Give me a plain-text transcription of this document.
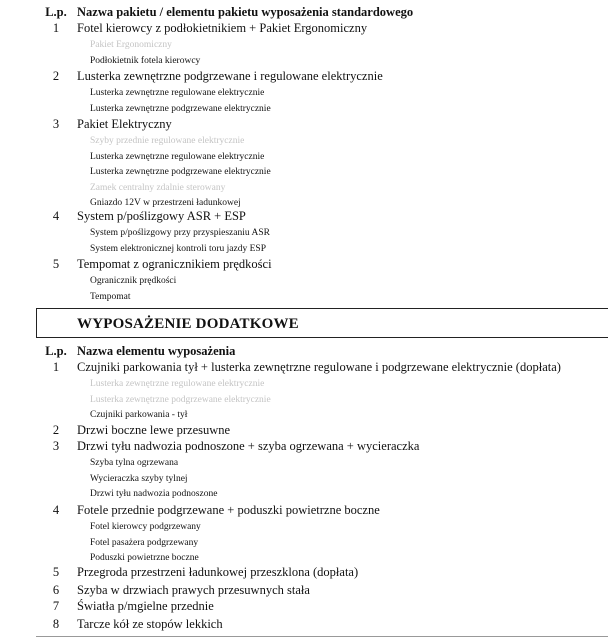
L.p. Nazwa pakietu / elementu pakietu wyposażenia standardowego
1	Fotel kierowcy z podłokietnikiem + Pakiet Ergonomiczny
Pakiet Ergonomiczny
Podłokietnik fotela kierowcy
2	Lusterka zewnętrzne podgrzewane i regulowane elektrycznie
Lusterka zewnętrzne regulowane elektrycznie
Lusterka zewnętrzne podgrzewane elektrycznie
3	Pakiet Elektryczny
Szyby przednie regulowane elektrycznie
Lusterka zewnętrzne regulowane elektrycznie
Lusterka zewnętrzne podgrzewane elektrycznie
Zamek centralny zdalnie sterowany
Gniazdo 12V w przestrzeni ładunkowej
4	System p/poślizgowy ASR + ESP
System p/poślizgowy przy przyspieszaniu ASR
System elektronicznej kontroli toru jazdy ESP
5	Tempomat z ogranicznikiem prędkości
Ogranicznik prędkości
Tempomat
WYPOSAŻENIE DODATKOWE
L.p. Nazwa elementu wyposażenia
1	Czujniki parkowania tył + lusterka zewnętrzne regulowane i podgrzewane elektrycznie (dopłata)
Lusterka zewnętrzne regulowane elektrycznie
Lusterka zewnętrzne podgrzewane elektrycznie
Czujniki parkowania - tył
2	Drzwi boczne lewe przesuwne
3	Drzwi tyłu nadwozia podnoszone + szyba ogrzewana + wycieraczka
Szyba tylna ogrzewana
Wycieraczka szyby tylnej
Drzwi tyłu nadwozia podnoszone
4	Fotele przednie podgrzewane + poduszki powietrzne boczne
Fotel kierowcy podgrzewany
Fotel pasażera podgrzewany
Poduszki powietrzne boczne
5	Przegroda przestrzeni ładunkowej przeszklona (dopłata)
6	Szyba w drzwiach prawych przesuwnych stała
7	Światła p/mgielne przednie
8	Tarcze kół ze stopów lekkich
